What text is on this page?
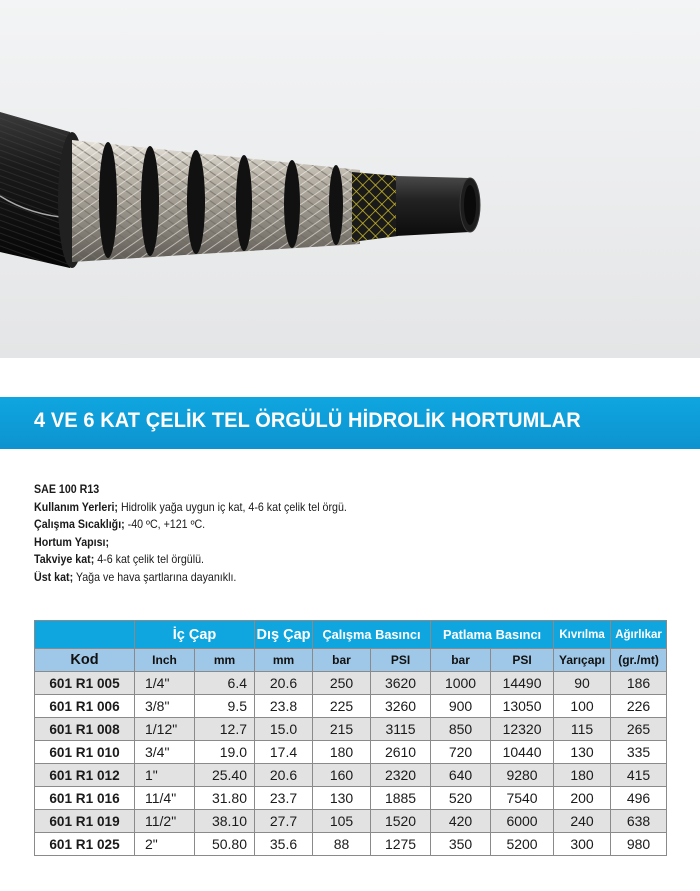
4 VE 6 KAT ÇELİK TEL ÖRGÜLÜ HİDROLİK HORTUMLAR
SAE 100 R13
Kullanım Yerleri; Hidrolik yağa uygun iç kat, 4-6 kat çelik tel örgü.
Çalışma Sıcaklığı; -40 ºC, +121 ºC.
Hortum Yapısı;
Takviye kat; 4-6 kat çelik tel örgülü.
Üst kat; Yağa ve hava şartlarına dayanıklı.
	İç Çap		Dış Çap	Çalışma Basıncı		Patlama Basıncı		Kıvrılma	Ağırlıkar
Kod	Inch	mm	mm	bar	PSI	bar	PSI	Yarıçapı	(gr./mt)
601 R1 005	1/4"	6.4	20.6	250	3620	1000	14490	90	186
601 R1 006	3/8"	9.5	23.8	225	3260	900	13050	100	226
601 R1 008	1/12"	12.7	15.0	215	3115	850	12320	115	265
601 R1 010	3/4"	19.0	17.4	180	2610	720	10440	130	335
601 R1 012	1"	25.40	20.6	160	2320	640	9280	180	415
601 R1 016	11/4"	31.80	23.7	130	1885	520	7540	200	496
601 R1 019	11/2"	38.10	27.7	105	1520	420	6000	240	638
601 R1 025	2"	50.80	35.6	88	1275	350	5200	300	980
